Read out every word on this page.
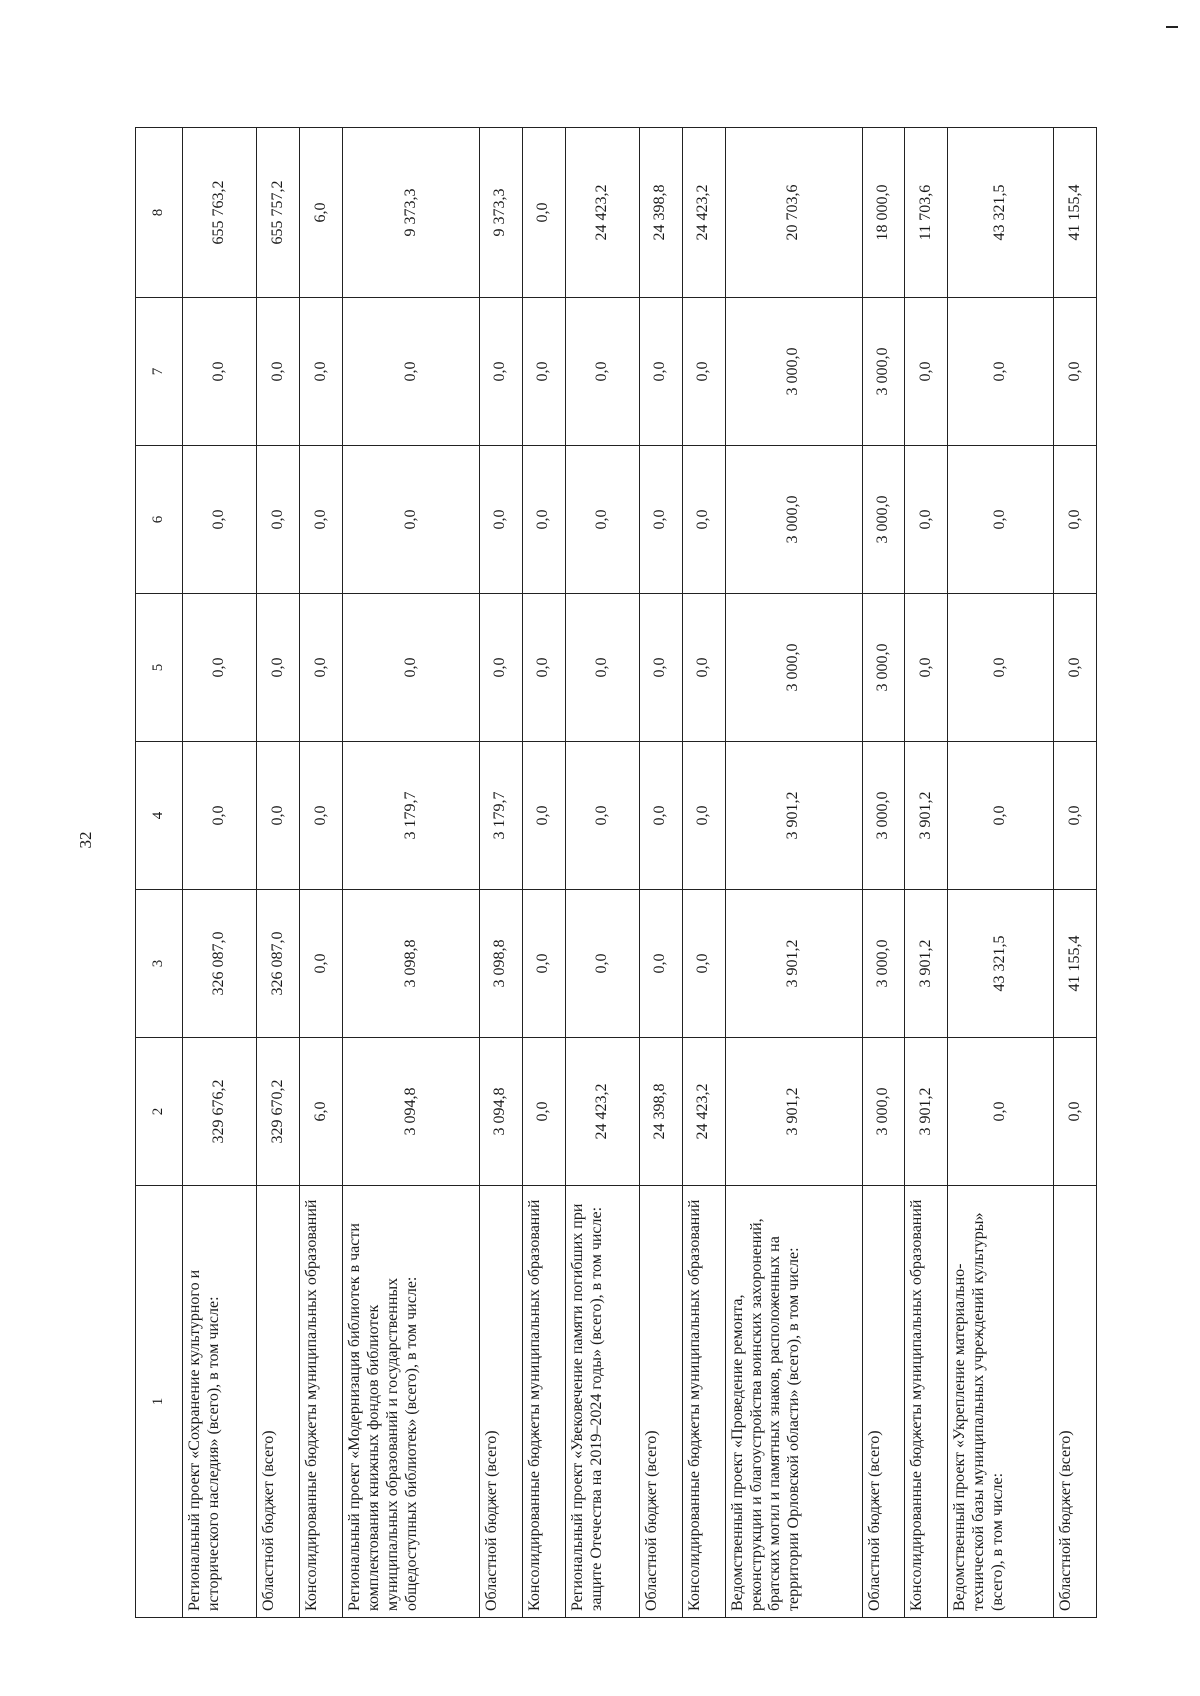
32
1	2	3	4	5	6	7	8
Региональный проект «Сохранение культурного и исторического наследия» (всего), в том числе:	329 676,2	326 087,0	0,0	0,0	0,0	0,0	655 763,2
Областной бюджет (всего)	329 670,2	326 087,0	0,0	0,0	0,0	0,0	655 757,2
Консолидированные бюджеты муниципальных образований	6,0	0,0	0,0	0,0	0,0	0,0	6,0
Региональный проект «Модернизация библиотек в части комплектования книжных фондов библиотек муниципальных образований и государственных общедоступных библиотек» (всего), в том числе:	3 094,8	3 098,8	3 179,7	0,0	0,0	0,0	9 373,3
Областной бюджет (всего)	3 094,8	3 098,8	3 179,7	0,0	0,0	0,0	9 373,3
Консолидированные бюджеты муниципальных образований	0,0	0,0	0,0	0,0	0,0	0,0	0,0
Региональный проект «Увековечение памяти погибших при защите Отечества на 2019–2024 годы» (всего), в том числе:	24 423,2	0,0	0,0	0,0	0,0	0,0	24 423,2
Областной бюджет (всего)	24 398,8	0,0	0,0	0,0	0,0	0,0	24 398,8
Консолидированные бюджеты муниципальных образований	24 423,2	0,0	0,0	0,0	0,0	0,0	24 423,2
Ведомственный проект «Проведение ремонта, реконструкции и благоустройства воинских захоронений, братских могил и памятных знаков, расположенных на территории Орловской области» (всего), в том числе:	3 901,2	3 901,2	3 901,2	3 000,0	3 000,0	3 000,0	20 703,6
Областной бюджет (всего)	3 000,0	3 000,0	3 000,0	3 000,0	3 000,0	3 000,0	18 000,0
Консолидированные бюджеты муниципальных образований	3 901,2	3 901,2	3 901,2	0,0	0,0	0,0	11 703,6
Ведомственный проект «Укрепление материально-технической базы муниципальных учреждений культуры» (всего), в том числе:	0,0	43 321,5	0,0	0,0	0,0	0,0	43 321,5
Областной бюджет (всего)	0,0	41 155,4	0,0	0,0	0,0	0,0	41 155,4
